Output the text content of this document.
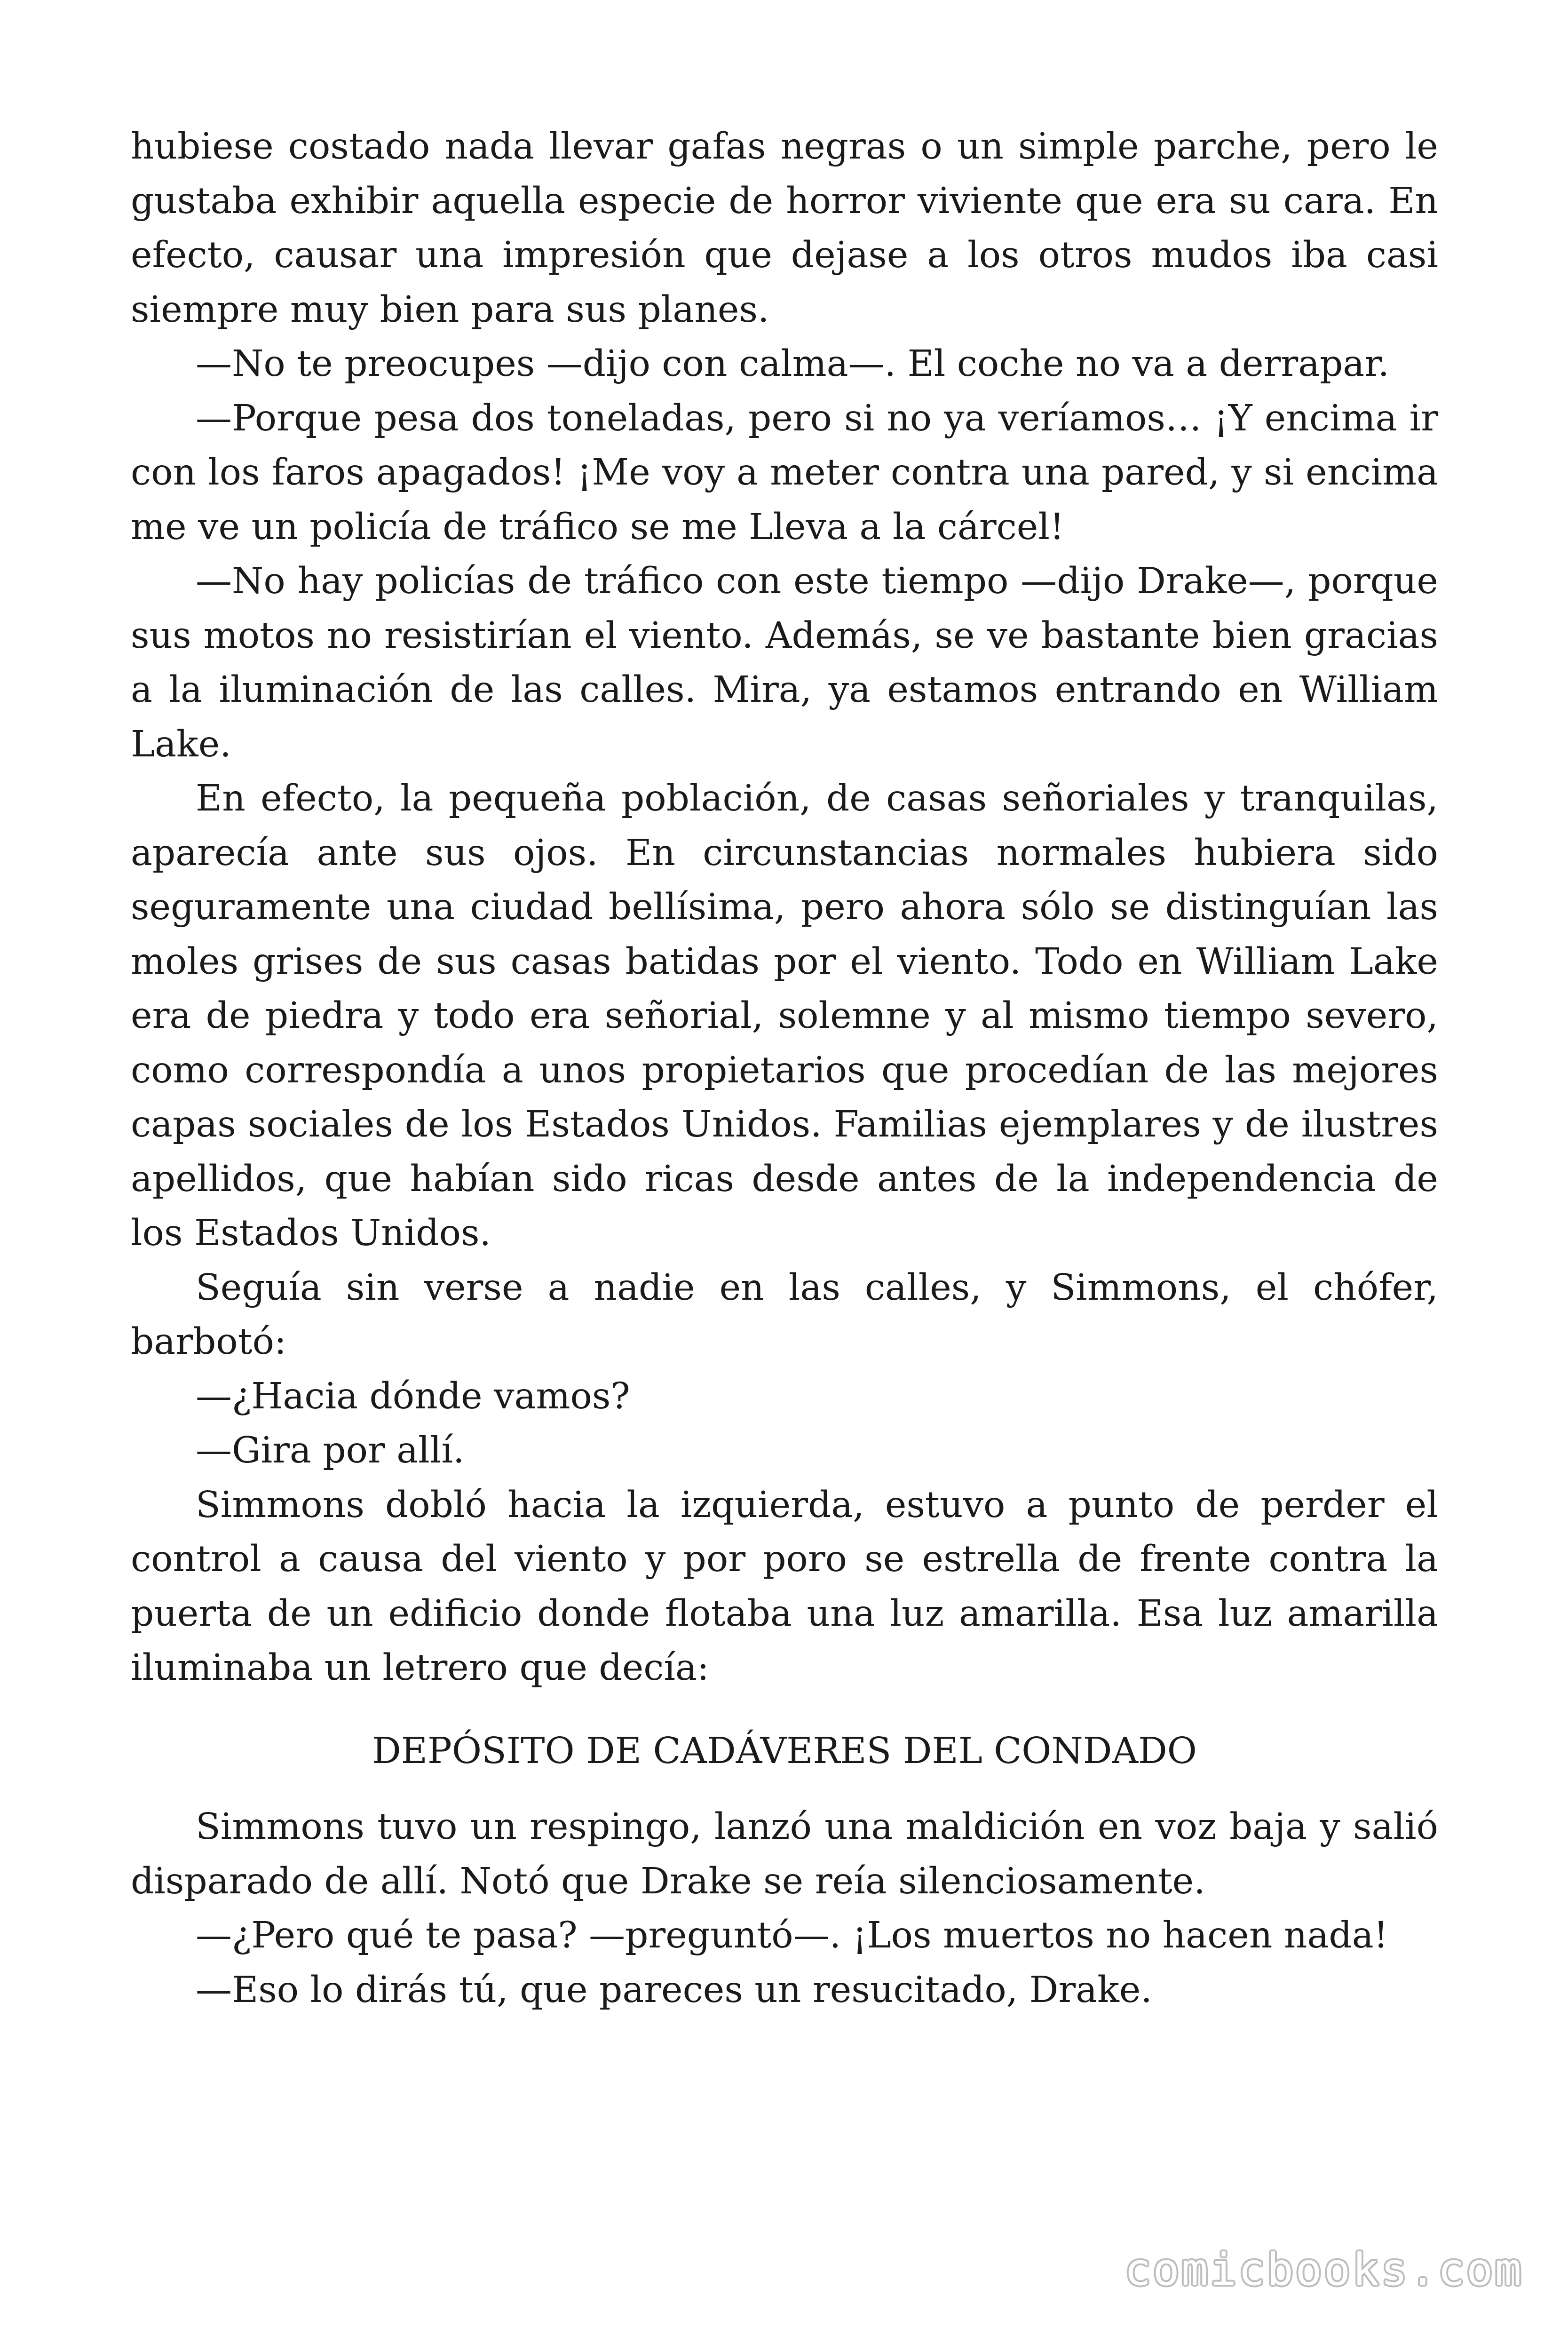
hubiese costado nada llevar gafas negras o un simple parche, pero le gustaba exhibir aquella especie de horror viviente que era su cara. En efecto, causar una impresión que dejase a los otros mudos iba casi siempre muy bien para sus planes.

—No te preocupes —dijo con calma—. El coche no va a derrapar.

—Porque pesa dos toneladas, pero si no ya veríamos… ¡Y encima ir con los faros apagados! ¡Me voy a meter contra una pared, y si encima me ve un policía de tráfico se me Lleva a la cárcel!

—No hay policías de tráfico con este tiempo —dijo Drake—, porque sus motos no resistirían el viento. Además, se ve bastante bien gracias a la iluminación de las calles. Mira, ya estamos entrando en William Lake.

En efecto, la pequeña población, de casas señoriales y tranquilas, aparecía ante sus ojos. En circunstancias normales hubiera sido seguramente una ciudad bellísima, pero ahora sólo se distinguían las moles grises de sus casas batidas por el viento. Todo en William Lake era de piedra y todo era señorial, solemne y al mismo tiempo severo, como correspondía a unos propietarios que procedían de las mejores capas sociales de los Estados Unidos. Familias ejemplares y de ilustres apellidos, que habían sido ricas desde antes de la independencia de los Estados Unidos.

Seguía sin verse a nadie en las calles, y Simmons, el chófer, barbotó:

—¿Hacia dónde vamos?

—Gira por allí.

Simmons dobló hacia la izquierda, estuvo a punto de perder el control a causa del viento y por poro se estrella de frente contra la puerta de un edificio donde flotaba una luz amarilla. Esa luz amarilla iluminaba un letrero que decía:

DEPÓSITO DE CADÁVERES DEL CONDADO

Simmons tuvo un respingo, lanzó una maldición en voz baja y salió disparado de allí. Notó que Drake se reía silenciosamente.

—¿Pero qué te pasa? —preguntó—. ¡Los muertos no hacen nada!

—Eso lo dirás tú, que pareces un resucitado, Drake.

comicbooks.com
